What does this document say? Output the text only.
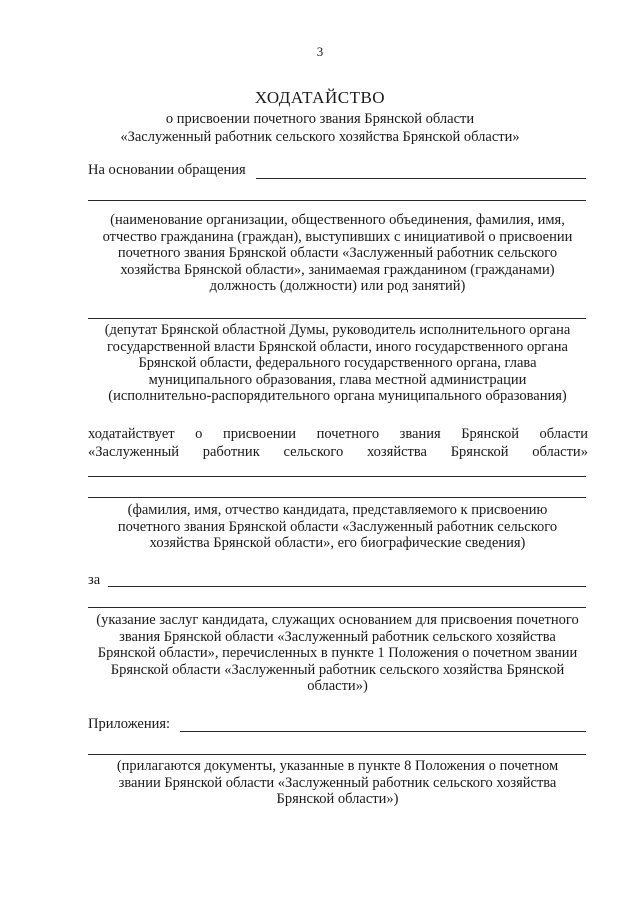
3
ХОДАТАЙСТВО
о присвоении почетного звания Брянской области
«Заслуженный работник сельского хозяйства Брянской области»
На основании обращения
(наименование организации, общественного объединения, фамилия, имя,
отчество гражданина (граждан), выступивших с инициативой о присвоении
почетного звания Брянской области «Заслуженный работник сельского
хозяйства Брянской области», занимаемая гражданином (гражданами)
должность (должности) или род занятий)
(депутат Брянской областной Думы, руководитель исполнительного органа
государственной власти Брянской области, иного государственного органа
Брянской области, федерального государственного органа, глава
муниципального образования, глава местной администрации
(исполнительно-распорядительного органа муниципального образования)
ходатайствует о присвоении почетного звания Брянской области
«Заслуженный работник сельского хозяйства Брянской области»
(фамилия, имя, отчество кандидата, представляемого к присвоению
почетного звания Брянской области «Заслуженный работник сельского
хозяйства Брянской области», его биографические сведения)
за
(указание заслуг кандидата, служащих основанием для присвоения почетного
звания Брянской области «Заслуженный работник сельского хозяйства
Брянской области», перечисленных в пункте 1 Положения о почетном звании
Брянской области «Заслуженный работник сельского хозяйства Брянской
области»)
Приложения:
(прилагаются документы, указанные в пункте 8 Положения о почетном
звании Брянской области «Заслуженный работник сельского хозяйства
Брянской области»)
